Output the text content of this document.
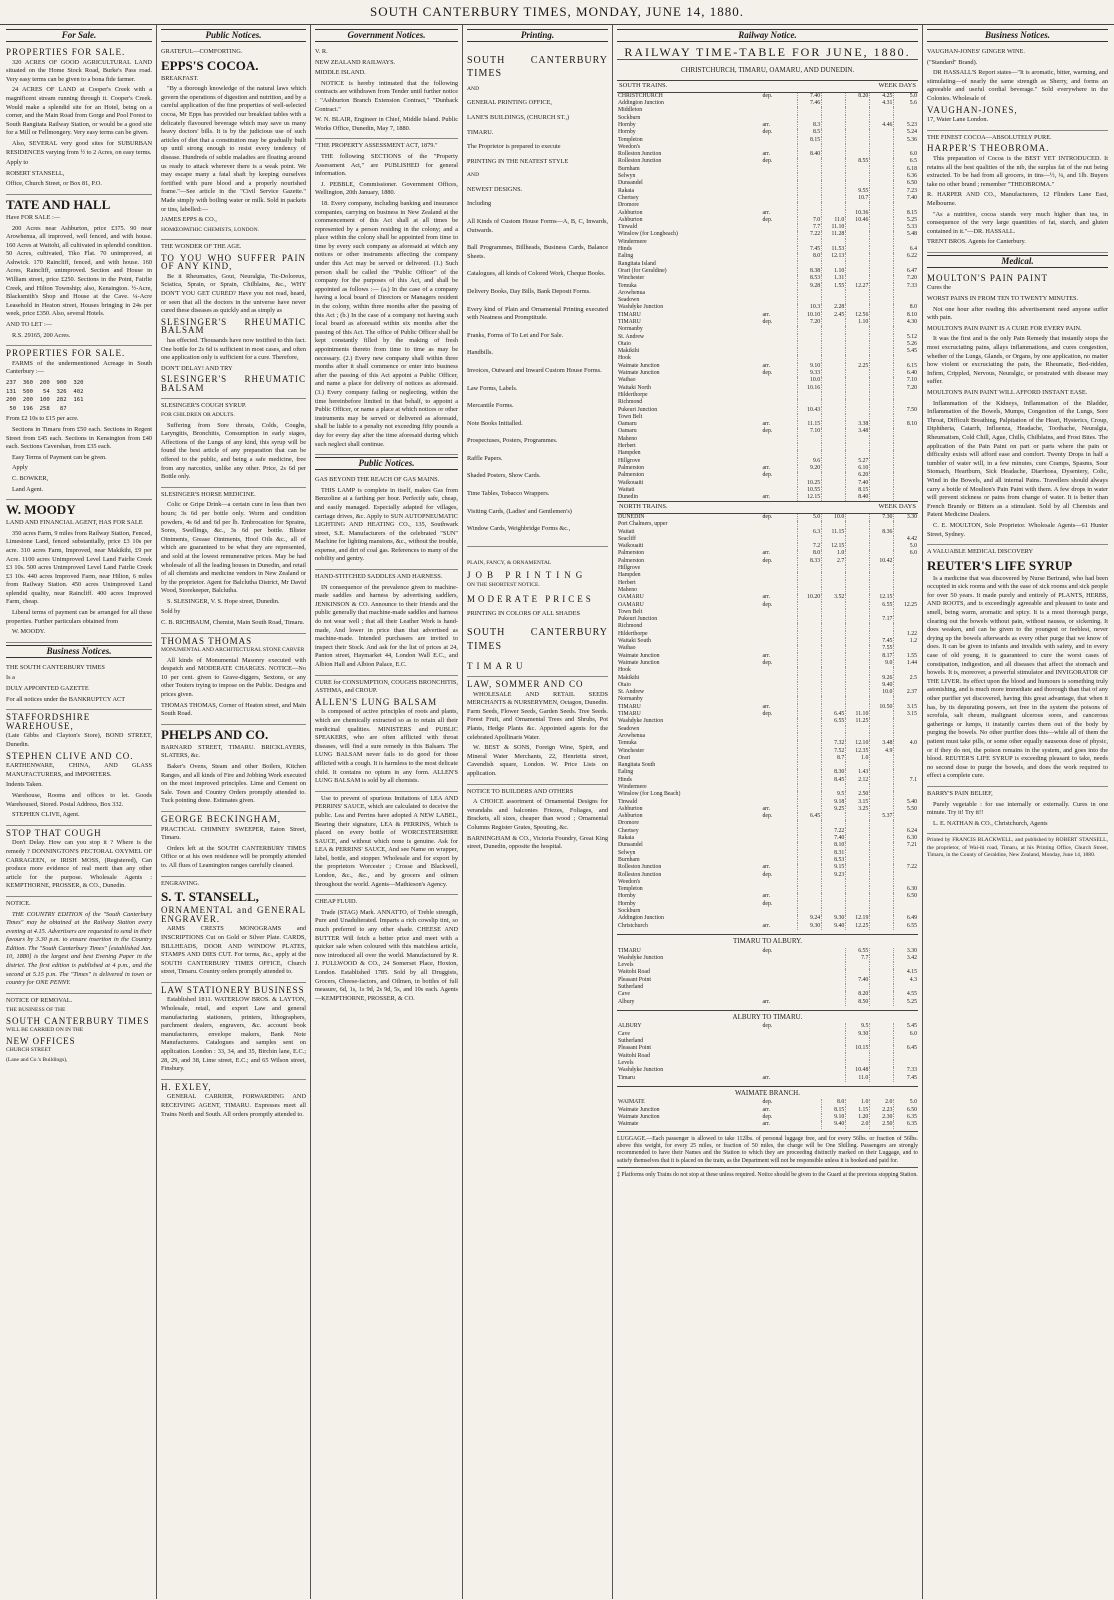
SOUTH CANTERBURY TIMES, MONDAY, JUNE 14, 1880.
For Sale.

PROPERTIES FOR SALE.

320 ACRES OF GOOD AGRICULTURAL LAND situated on the Home Stock Road, Burke's Pass road. Very easy terms can be given to a bona fide farmer.

24 ACRES OF LAND at Cooper's Creek with a magnificent stream running through it. Cooper's Creek. Would make a splendid site for an Hotel, being on a corner, and the Main Road from Gorge and Pool Forest to South Rangitata Railway Station, or would be a good site for a Mill or Fellmongery. Very easy terms can be given.

Also, SEVERAL very good sites for SUBURBAN RESIDENCES varying from ½ to 2 Acres, on easy terms.

Apply to

ROBERT STANSELL,

Office, Church Street, or Box 81, P.O.

TATE AND HALL

Have FOR SALE :—

200 Acres near Ashburton, price £375. 90 near Arowhenua, all improved, well fenced, and with house. 160 Acres at Waitohi, all cultivated in splendid condition. 50 Acres, cultivated, Tiko Flat. 70 unimproved, at Ashwick. 170 Raincliff, fenced, and with house. 160 Acres, Raincliff, unimproved. Section and House in William street, price £250. Sections in the Point, Fairlie Creek, and Hilton Township; also, Kensington. ½-Acre, Blacksmith's Shop and House at the Cave. ¼-Acre Leasehold in Heaton street, Houses bringing in 24s per week, price £350. Also, several Hotels.

AND TO LET :—

R.S. 29165, 200 Acres.

PROPERTIES FOR SALE.

FARMS of the undermentioned Acreage in South Canterbury :—

237  360  200  900  320
131  500   54  326  402
200  200  100  282  161
50  196  258   87

From £2 10s to £15 per acre.

Sections in Timaru from £50 each. Sections in Regent Street from £45 each. Sections in Kensington from £40 each. Sections Cavershan, from £35 each.

Easy Terms of Payment can be given.

Apply

C. BOWKER,

Land Agent.

W. MOODY

LAND AND FINANCIAL AGENT, HAS FOR SALE

350 acres Farm, 9 miles from Railway Station, Fenced, Limestone Land, fenced substantially, price £3 10s per acre. 310 acres Farm, Improved, near Makikihi, £9 per Acre. 1100 acres Unimproved Level Land Fairlie Creek £3 10s. 500 acres Unimproved Level Land Fairlie Creek £3 10s. 440 acres Improved Farm, near Hilton, 6 miles from Railway Station. 450 acres Unimproved Land splendid quality, near Raincliff. 400 acres Improved Farm, cheap.

Liberal terms of payment can be arranged for all these properties. Further particulars obtained from

W. MOODY.

Business Notices.

THE SOUTH CANTERBURY TIMES

Is a

DULY APPOINTED GAZETTE

For all notices under the BANKRUPTCY ACT

STAFFORDSHIRE WAREHOUSE,

(Late Gibbs and Clayton's Store), BOND STREET, Dunedin.

STEPHEN CLIVE AND CO.

EARTHENWARE, CHINA, AND GLASS MANUFACTURERS, and IMPORTERS.

Indents Taken.

Warehouse, Rooms and offices to let. Goods Warehoused, Stored. Postal Address, Box 332.

STEPHEN CLIVE, Agent.

STOP THAT COUGH

Don't Delay. How can you stop it ? Where is the remedy ? DONNINGTON'S PECTORAL OXYMEL OF CARRAGEEN, or IRISH MOSS, (Registered), Can produce more evidence of real merit than any other article for the purpose. Wholesale Agents : KEMPTHORNE, PROSSER, & CO., Dunedin.

NOTICE.

THE COUNTRY EDITION of the "South Canterbury Times" may be obtained at the Railway Station every evening at 4.15. Advertisers are requested to send in their favours by 3.30 p.m. to ensure insertion in the Country Edition. The "South Canterbury Times" [established Jan. 10, 1880] is the largest and best Evening Paper in the district. The first edition is published at 4 p.m., and the second at 5.15 p.m. The "Times" is delivered in town or country for ONE PENNY.

NOTICE OF REMOVAL.

THE BUSINESS OF THE

SOUTH CANTERBURY TIMES

WILL BE CARRIED ON IN THE

NEW OFFICES

CHURCH STREET

(Lane and Co.'s Buildings),

Public Notices.

GRATEFUL—COMFORTING.

EPPS'S COCOA.

BREAKFAST.

"By a thorough knowledge of the natural laws which govern the operations of digestion and nutrition, and by a careful application of the fine properties of well-selected cocoa, Mr Epps has provided our breakfast tables with a delicately flavoured beverage which may save us many heavy doctors' bills. It is by the judicious use of such articles of diet that a constitution may be gradually built up until strong enough to resist every tendency of disease. Hundreds of subtle maladies are floating around us ready to attack wherever there is a weak point. We may escape many a fatal shaft by keeping ourselves fortified with pure blood and a properly nourished frame."—See article in the "Civil Service Gazette." Made simply with boiling water or milk. Sold in packets or tins, labelled:—

JAMES EPPS & CO.,

HOMŒOPATHIC CHEMISTS, LONDON.

THE WONDER OF THE AGE.

TO YOU WHO SUFFER PAIN OF ANY KIND,

Be it Rheumatics, Gout, Neuralgia, Tic-Doloreux, Sciatica, Sprain, or Sprain, Chilblains, &c., WHY DON'T YOU GET CURED? Have you not read, heard, or seen that all the doctors in the universe have never cured these diseases as quickly and as simply as

SLESINGER'S RHEUMATIC BALSAM

has effected. Thousands have now testified to this fact. One bottle for 2s 6d is sufficient in most cases, and often one application only is sufficient for a cure. Therefore,

DON'T DELAY! AND TRY

SLESINGER'S RHEUMATIC BALSAM

SLESINGER'S COUGH SYRUP.

FOR CHILDREN OR ADULTS.

Suffering from Sore throats, Colds, Coughs, Laryngitis, Bronchitis, Consumption in early stages, Affections of the Lungs of any kind, this syrup will be found the best article of any preparation that can be offered to the public, and being a safe medicine, free from any narcotics, unlike any other. Price, 2s 6d per Bottle only.

SLESINGER'S HORSE MEDICINE.

Colic or Gripe Drink—a certain cure in less than two hours; 3s 6d per bottle only. Worm and condition powders, 4s 6d and 6d per lb. Embrocation for Sprains, Sores, Swellings, &c., 3s 6d per bottle. Blister Ointments, Grease Ointments, Hoof Oils &c., all of which are guaranteed to be what they are represented, and sold at the lowest remunerative prices. May be had wholesale of all the leading houses in Dunedin, and retail of all chemists and medicine vendors in New Zealand or by the proprietor. Agent for Balclutha District, Mr David Wood, Storekeeper, Balclutha.

S. SLESINGER, V. S. Hope street, Dunedin.

Sold by

C. B. RICHBAUM, Chemist, Main South Road, Timaru.

THOMAS THOMAS

MONUMENTAL AND ARCHITECTURAL STONE CARVER

All kinds of Monumental Masonry executed with despatch and MODERATE CHARGES. NOTICE—No 10 per cent. given to Grave-diggers, Sextons, or any other Touters trying to impose on the Public. Designs and prices given.

THOMAS THOMAS, Corner of Heaton street, and Main South Road.

PHELPS AND CO.

BARNARD STREET, TIMARU. BRICKLAYERS, SLATERS, &c.

Baker's Ovens, Steam and other Boilers, Kitchen Ranges, and all kinds of Fire and Jobbing Work executed on the most improved principles. Lime and Cement on Sale. Town and Country Orders promptly attended to. Tuck pointing done. Estimates given.

GEORGE BECKINGHAM,

PRACTICAL CHIMNEY SWEEPER, Eaton Street, Timaru.

Orders left at the SOUTH CANTERBURY TIMES Office or at his own residence will be promptly attended to. All flues of Leamington ranges carefully cleaned.

ENGRAVING.

S. T. STANSELL,

ORNAMENTAL and GENERAL ENGRAVER.

ARMS CRESTS MONOGRAMS and INSCRIPTIONS Cut on Gold or Silver Plate. CARDS, BILLHEADS, DOOR AND WINDOW PLATES, STAMPS AND DIES CUT. For terms, &c., apply at the SOUTH CANTERBURY TIMES OFFICE, Church street, Timaru. Country orders promptly attended to.

LAW STATIONERY BUSINESS

Established 1811. WATERLOW BROS. & LAYTON, Wholesale, retail, and export Law and general manufacturing stationers, printers, lithographers, parchment dealers, engravers, &c. account book manufacturers, envelope makers, Bank Note Manufacturers. Catalogues and samples sent on application. London : 33, 34, and 35, Birchin lane, E.C.; 28, 29, and 38, Lime street, E.C.; and 65 Wilson street, Finsbury.

H. EXLEY,

GENERAL CARRIER, FORWARDING AND RECEIVING AGENT, TIMARU. Expresses meet all Trains North and South. All orders promptly attended to.

Government Notices.

V. R.

NEW ZEALAND RAILWAYS.

MIDDLE ISLAND.

NOTICE is hereby intimated that the following contracts are withdrawn from Tender until further notice : "Ashburton Branch Extension Contract," "Dunback Contract."

W. N. BLAIR, Engineer in Chief, Middle Island. Public Works Office, Dunedin, May 7, 1880.

"THE PROPERTY ASSESSMENT ACT, 1879."

THE following SECTIONS of the "Property Assessment Act," are PUBLISHED for general information.

J. PEBBLE, Commissioner. Government Offices, Wellington, 20th January, 1880.

18. Every company, including banking and insurance companies, carrying on business in New Zealand at the commencement of this Act shall at all times be represented by a person residing in the colony; and a place within the colony shall be appointed from time to time by every such company as aforesaid at which any notices or other instruments affecting the company under this Act may be served or delivered. (1.) Such person shall be called the "Public Officer" of the company for the purposes of this Act, and shall be appointed as follows :— (a.) In the case of a company having a local board of Directors or Managers resident in the colony, within three months after the passing of this Act ; (b.) In the case of a company not having such local board as aforesaid within six months after the passing of this Act. The office of Public Officer shall be kept constantly filled by the making of fresh appointments thereto from time to time as may be necessary. (2.) Every new company shall within three months after it shall commence or enter into business after the passing of this Act appoint a Public Officer, and name a place for delivery of notices as aforesaid. (3.) Every company failing or neglecting, within the time hereinbefore limited in that behalf, to appoint a Public Officer, or name a place at which notices or other instruments may be served or delivered as aforesaid, shall be liable to a penalty not exceeding fifty pounds a day for every day after the time aforesaid during which such neglect shall continue.

Public Notices.

GAS BEYOND THE REACH OF GAS MAINS.

THIS LAMP is complete in itself, makes Gas from Benzoline at a farthing per hour. Perfectly safe, cheap, and easily managed. Especially adapted for villages, carriage drives, &c. Apply to SUN AUTOPNEUMATIC LIGHTING AND HEATING CO., 135, Southwark street, S.E. Manufacturers of the celebrated "SUN" Machine for lighting mansions, &c., without the trouble, expense, and dirt of coal gas. References to many of the nobility and gentry.

HAND-STITCHED SADDLES AND HARNESS.

IN consequence of the prevalence given to machine-made saddles and harness by advertising saddlers, JENKINSON & CO. Announce to their friends and the public generally that machine-made saddles and harness do not wear well ; that all their Leather Work is hand-made, And lower in price than that advertised as machine-made. Intended purchasers are invited to inspect their Stock. And ask for the list of prices at 24, Panton street, Haymarket 44, London Wall E.C., and Albion Hall and Albion Palace, E.C.

CURE for CONSUMPTION, COUGHS BRONCHITIS, ASTHMA, and CROUP.

ALLEN'S LUNG BALSAM

Is composed of active principles of roots and plants, which are chemically extracted so as to retain all their medicinal qualities. MINISTERS and PUBLIC SPEAKERS, who are often afflicted with throat diseases, will find a sure remedy in this Balsam. The LUNG BALSAM never fails to do good for those afflicted with a cough. It is harmless to the most delicate child. It contains no opium in any form. ALLEN'S LUNG BALSAM is sold by all chemists.

Use to prevent of spurious Imitations of LEA AND PERRINS' SAUCE, which are calculated to deceive the public. Lea and Perrins have adopted A NEW LABEL, Bearing their signature, LEA & PERRINS, Which is placed on every bottle of WORCESTERSHIRE SAUCE, and without which none is genuine. Ask for LEA & PERRINS' SAUCE, And see Name on wrapper, label, bottle, and stopper. Wholesale and for export by the proprietors Worcester ; Crosse and Blackwell, London, &c., &c., and by grocers and oilmen throughout the world. Agents—Mathieson's Agency.

CHEAP FLUID.

Trade (STAG) Mark. ANNATTO, of Treble strength, Pure and Unadulterated. Imparts a rich cowslip tint, so much preferred to any other shade. CHEESE AND BUTTER Will fetch a better price and meet with a quicker sale when coloured with this matchless article, now introduced all over the world. Manufactured by R. J. FULLWOOD & CO., 24 Somerset Place, Hoxton, London. Established 1785. Sold by all Druggists, Grocers, Cheese-factors, and Oilmen, in bottles of full measure, 6d, 1s, 1s 9d, 2s 9d, 5s, and 10s each. Agents—KEMPTHORNE, PROSSER, & CO.

Printing.

SOUTH CANTERBURY TIMES

AND

GENERAL PRINTING OFFICE,

LANE'S BUILDINGS, (CHURCH ST.,)

TIMARU.

The Proprietor is prepared to execute

PRINTING IN THE NEATEST STYLE

AND

NEWEST DESIGNS.

Including

All Kinds of Custom House Forms—A, B, C, Inwards, Outwards.

Ball Programmes, Billheads, Business Cards, Balance Sheets.

Catalogues, all kinds of Colored Work, Cheque Books.

Delivery Books, Day Bills, Bank Deposit Forms.

Every kind of Plain and Ornamental Printing executed with Neatness and Promptitude.

Franks, Forms of To Let and For Sale.

Handbills.

Invoices, Outward and Inward Custom House Forms.

Law Forms, Labels.

Mercantile Forms.

Note Books Initialled.

Prospectuses, Posters, Programmes.

Raffle Papers.

Shaded Posters, Show Cards.

Time Tables, Tobacco Wrappers.

Visiting Cards, (Ladies' and Gentlemen's)

Window Cards, Weighbridge Forms &c.,

PLAIN, FANCY, & ORNAMENTAL

JOB PRINTING

ON THE SHORTEST NOTICE.

MODERATE PRICES

PRINTING IN COLORS OF ALL SHADES

SOUTH CANTERBURY TIMES

TIMARU

LAW, SOMMER AND CO

WHOLESALE AND RETAIL SEEDS MERCHANTS & NURSERYMEN, Octagon, Dunedin. Farm Seeds, Flower Seeds, Garden Seeds. Tree Seeds. Forest Fruit, and Ornamental Trees and Shrubs, Pot Plants, Hedge Plants &c. Appointed agents for the celebrated Apollinaris Water.

W. BEST & SONS, Foreign Wine, Spirit, and Mineral Water Merchants, 22, Henrietta street, Cavendish square, London. W. Price Lists on application.

NOTICE TO BUILDERS AND OTHERS

A CHOICE assortment of Ornamental Designs for verandahs and balconies Friezes, Foliages, and Brackets, all sizes, cheaper than wood ; Ornamental Columns Register Grates, Spouting, &c.

BARNINGHAM & CO., Victoria Foundry, Great King street, Dunedin, opposite the hospital.

Railway Notice.
RAILWAY TIME-TABLE FOR JUNE, 1880.
CHRISTCHURCH, TIMARU, OAMARU, AND DUNEDIN.
SOUTH TRAINS.	WEEK DAYS
CHRISTCHURCH	dep.	7.40		8.20	4.25	5.0
Addington Junction		7.46			4.31	5.6
Middleton						
Sockburn						
Hornby	arr.	8.3			4.46	5.23
Hornby	dep.	8.5				5.24
Templeton		8.15				5.36
Weedon's						
Rolleston Junction	arr.	8.40				6.0
Rolleston Junction	dep.			8.55		6.5
Burnham						6.18
Selwyn						6.36
Dunsandel						6.50
Rakaia				9.55		7.23
Chertsey				10.7		7.40
Dromore						
Ashburton	arr.			10.36		8.15
Ashburton	dep.	7.0	11.0	10.46		5.25
Tinwald		7.7	11.10			5.33
Winslow (for Longbeach)		7.22	11.28			5.48
Windermere						
Hinds		7.45	11.53			6.4
Ealing		8.0	12.13			6.22
Rangitata Island						
Orari (for Geraldine)		8.38	1.10			6.47
Winchester		8.53	1.31			7.20
Temuka		9.28	1.55	12.27		7.33
Arowhenua						
Seadown						
Washdyke Junction		10.3	2.28			8.0
TIMARU	arr.	10.10	2.45	12.56		8.10
TIMARU	dep.	7.20		1.10		4.30
Normanby						
St. Andrew						5.12
Otaio						5.26
Makikihi						5.45
Hook						
Waimate Junction	arr.	9.10		2.25		6.15
Waimate Junction	dep.	9.33				6.40
Waihao		10.0				7.10
Waitaki North		10.16				7.20
Hilderthorpe						
Richmond						
Pukeuri Junction		10.43				7.50
Town Belt						
Oamaru	arr.	11.15		3.38		8.10
Oamaru	dep.	7.10		3.48		
Maheno						
Herbert						
Hampden						
Hillgrove		9.6		5.27		
Palmerston	arr.	9.20		6.10		
Palmerston	dep.			6.20		
Waikouaiti		10.25		7.40		
Waitati		10.55		8.15		
Dunedin	arr.	12.15		8.40		
NORTH TRAINS.	WEEK DAYS
DUNEDIN	dep.	5.0	10.0		7.30	3.30
Port Chalmers, upper						
Waitati		6.3	11.15		8.36	
Seacliff						4.42
Waikouaiti		7.2	12.15			5.0
Palmerston	arr.	8.0	1.0			6.0
Palmerston	dep.	8.33	2.7		10.42	
Hillgrove						
Hampden						
Herbert						
Maheno						
OAMARU	arr.	10.20	3.52		12.15	
OAMARU	dep.				6.55	12.25
Town Belt						
Pukeuri Junction					7.17	
Richmond						
Hilderthorpe						1.22
Waitaki South					7.45	1.2
Waihao					7.55	
Waimate Junction	arr.				8.17	1.55
Waimate Junction	dep.				9.0	1.44
Hook						
Makikihi					9.26	2.5
Otaio					9.40	
St. Andrew					10.0	2.37
Normanby						
TIMARU	arr.				10.50	3.15
TIMARU	dep.		6.45	11.10		3.15
Washdyke Junction			6.55	11.25		
Seadown						
Arowhenua						
Temuka			7.32	12.10	3.48	4.0
Winchester			7.52	12.35	4.9	
Orari			8.7	1.0		
Rangitata South						
Ealing			8.30	1.43		
Hinds			8.45	2.12		7.1
Windermere						
Winslow (for Long Beach)			9.5	2.50		
Tinwald			9.18	3.15		5.40
Ashburton	arr.		9.25	3.25		5.50
Ashburton	dep.	6.45			5.37	
Dromore						
Chertsey			7.22			6.24
Rakaia			7.40			6.30
Dunsandel			8.10			7.21
Selwyn			8.31			
Burnham			8.53			
Rolleston Junction	arr.		9.15			7.22
Rolleston Junction	dep.		9.23			
Weedon's						
Templeton						6.30
Hornby	arr.					6.50
Hornby	dep.					
Sockburn						
Addington Junction		9.24	9.30	12.19		6.49
Christchurch	arr.	9.30	9.40	12.25		6.55
TIMARU TO ALBURY.
TIMARU	dep.	6.55		3.30
Washdyke Junction		7.7		3.42
Levels				
Waitohi Road				4.15
Pleasant Point		7.40		4.3
Sutherland				
Cave		8.20		4.55
Albury	arr.	8.50		5.25
ALBURY TO TIMARU.
ALBURY	dep.	9.5		5.45
Cave		9.30		6.0
Sutherland				
Pleasant Point		10.15		6.45
Waitohi Road				
Levels				
Washdyke Junction		10.48		7.33
Timaru	arr.	11.0		7.45
WAIMATE BRANCH.
WAIMATE	dep.	8.0	1.0	2.0	5.0
Waimate Junction	arr.	8.15	1.15	2.23	6.50
Waimate Junction	dep.	9.10	1.20	2.30	6.35
Waimate	arr.	9.40	2.0	2.50	6.35
LUGGAGE.—Each passenger is allowed to take 112lbs. of personal luggage free, and for every 56lbs. or fraction of 56lbs. above this weight, for every 25 miles, or fraction of 50 miles, the charge will be One Shilling. Passengers are strongly recommended to have their Names and the Station to which they are proceeding distinctly marked on their Luggage, and to satisfy themselves that it is placed on the train, as the Department will not be responsible unless it is booked and paid for.
‡ Platforms only Trains do not stop at these unless required. Notice should be given to the Guard at the previous stopping Station.
Business Notices.

VAUGHAN-JONES' GINGER WINE.

("Standard" Brand).

DR HASSALL'S Report states—"It is aromatic, bitter, warming, and stimulating—of nearly the same strength as Sherry, and forms an agreeable and useful cordial beverage." Sold everywhere in the Colonies. Wholesale of

VAUGHAN-JONES,

17, Water Lane London.

THE FINEST COCOA—ABSOLUTELY PURE.

HARPER'S THEOBROMA.

This preparation of Cocoa is the BEST YET INTRODUCED. It retains all the best qualities of the nib, the surplus fat of the nut being extracted. To be had from all grocers, in tins—½, ¼, and 1lb. Buyers take no other brand ; remember "THEOBROMA."

R. HARPER AND CO., Manufacturers, 12 Flinders Lane East, Melbourne.

"As a nutritive, cocoa stands very much higher than tea, in consequence of the very large quantities of fat, starch, and gluten contained in it."—DR. HASSALL.

TRENT BROS. Agents for Canterbury.

Medical.

MOULTON'S PAIN PAINT

Cures the

WORST PAINS IN FROM TEN TO TWENTY MINUTES.

Not one hour after reading this advertisement need anyone suffer with pain.

MOULTON'S PAIN PAINT IS A CURE FOR EVERY PAIN.

It was the first and is the only Pain Remedy that instantly stops the most excruciating pains, allays inflammations, and cures congestion, whether of the Lungs, Glands, or Organs, by one application, no matter how violent or excruciating the pain, the Rheumatic, Bed-ridden, Infirm, Crippled, Nervous, Neuralgic, or prostrated with disease may suffer.

MOULTON'S PAIN PAINT WILL AFFORD INSTANT EASE.

Inflammation of the Kidneys, Inflammation of the Bladder, Inflammation of the Bowels, Mumps, Congestion of the Lungs, Sore Throat, Difficult Breathing, Palpitation of the Heart, Hysterics, Croup, Diphtheria, Catarrh, Influenza, Headache, Toothache, Neuralgia, Rheumatism, Cold Chill, Ague, Chills, Chilblains, and Frost Bites. The application of the Pain Paint on part or parts where the pain or difficulty exists will afford ease and comfort. Twenty Drops in half a tumbler of water will, in a few minutes, cure Cramps, Spasms, Sour Stomach, Heartburn, Sick Headache, Diarrhoea, Dysentery, Colic, Wind in the Bowels, and all internal Pains. Travellers should always carry a bottle of Moulton's Pain Paint with them. A few drops in water will prevent sickness or pains from change of water. It is better than French Brandy or Bitters as a stimulant. Sold by all Chemists and Patent Medicine Dealers.

C. E. MOULTON, Sole Proprietor. Wholesale Agents—61 Hunter Street, Sydney.

A VALUABLE MEDICAL DISCOVERY

REUTER'S LIFE SYRUP

Is a medicine that was discovered by Nurse Bertrand, who had been occupied in sick rooms and with the ease of sick rooms and sick people for over 50 years. It made purely and entirely of PLANTS, HERBS, AND ROOTS, and is exceedingly agreeable and pleasant to taste and smell, being warm, aromatic and spicy. It is a most thorough purge, clearing out the bowels without pain, without nausea, or sickening. It does weaken, and can be given to the youngest or feeblest, never drying up the bowels afterwards as every other purge that we know of does. It can be given to infants and invalids with safety, and in every case of old young, it is guaranteed to cure the worst cases of constipation, indigestion, and all diseases that affect the stomach and bowels. It is, moreover, a powerful stimulator and INVIGORATOR OF THE LIVER. Its effect upon the blood and humours is something truly astonishing, and is much more immediate and thorough than that of any other purifier yet discovered, having this great advantage, that when it has, by its depurating powers, set free in the system the poisons of scrofula, salt rheum, malignant ulcerous sores, and cancerous gatherings or lumps, it instantly carries them out of the body by purging the bowels. No other purifier does this—while all of them the patient must take pills, or some other equally nauseous dose of physic, or if they do not, the poison remains in the system, and goes into the blood. REUTER'S LIFE SYRUP is exceeding pleasant to take, needs no second dose to purge the bowels, and does the work required to effect a complete cure.

BARRY'S PAIN BELIEF,

Purely vegetable : for use internally or externally. Cures in one minute. Try it! Try it!!

L. E. NATHAN & CO., Christchurch, Agents

Printed by FRANCIS BLACKWELL, and published by ROBERT STANSELL, the proprietor, of Wai-iti road, Timaru, at his Printing Office, Church Street, Timaru, in the County of Geraldine, New Zealand, Monday, June 14, 1880.
